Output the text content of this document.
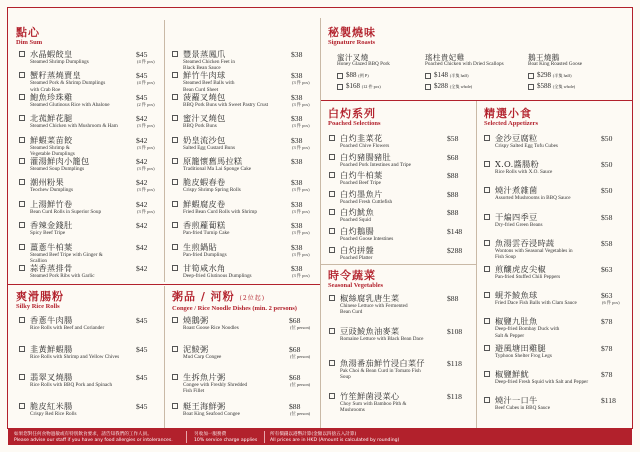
點心
Dim Sum
秘製燒味
Signature Roasts
白灼系列
Poached Selections
時令蔬菜
Seasonal Vegetables
精選小食
Selected Appetizers
爽滑腸粉
Silky Rice Rolls
粥品 / 河粉 (2位起)
Congee / Rice Noodle Dishes (min. 2 persons)
水晶蝦餃皇
Steamed Shrimp Dumplings
$45
(4 件 pcs)
蟹籽蒸燒賣皇
Steamed Pork & Shrimp Dumplings
with Crab Roe
$45
(4 件 pcs)
鮑魚珍珠雞
Steamed Glutinous Rice with Abalone
$45
(2 件 pcs)
北菰鮮花腿
Steamed Chicken with Mushroom & Ham
$42
(3 件 pcs)
鮮蝦菜苗餃
Steamed Shrimp &
Vegetable Dumplings
$42
(3 件 pcs)
灌湯鮮肉小籠包
Steamed Soup Dumplings
$42
(3 件 pcs)
潮州粉果
Teochew Dumplings
$42
(3 件 pcs)
上湯鮮竹卷
Bean Curd Rolls in Superior Soup
$42
(3 件 pcs)
香辣金錢肚
Spicy Beef Tripe
$42
薑蔥牛柏葉
Steamed Beef Tripe with Ginger &
Scallion
$42
蒜香蒸排骨
Steamed Pork Ribs with Garlic
$42
豐景蒸鳳爪
Steamed Chicken Feet in
Black Bean Sauce
$38
鮮竹牛肉球
Steamed Beef Balls with
Bean Curd Sheet
$38
(3 件 pcs)
菠蘿叉燒包
BBQ Pork Buns with Sweet Pastry Crust
$38
(3 件 pcs)
蜜汁叉燒包
BBQ Pork Buns
$38
(3 件 pcs)
奶皇流沙包
Salted Egg Custard Buns
$38
(3 件 pcs)
原籠懷舊馬拉糕
Traditional Ma Lai Sponge Cake
$38
脆皮蝦春卷
Crispy Shrimp Spring Rolls
$38
(3 件 pcs)
鮮蝦腐皮卷
Fried Bean Curd Rolls with Shrimp
$38
(3 件 pcs)
香煎蘿蔔糕
Pan-fried Turnip Cake
$38
(3 件 pcs)
生煎鍋貼
Pan-fried Dumplings
$38
(3 件 pcs)
甘筍咸水角
Deep-fried Glutinous Dumplings
$38
(3 件 pcs)
蜜汁叉燒
Honey Glazed BBQ Pork
$88 (例 P)
$168 (12 件 pcs)
瑤柱貴妃雞
Poached Chicken with Dried Scallops
$148 (半隻 half)
$288 (全隻 whole)
鵝王燒鵝
Boat King Roasted Goose
$298 (半隻 half)
$588 (全隻 whole)
白灼韭菜花
Poached Chive Flowers
$58
白灼豬腸豬肚
Poached Pork Intestines and Tripe
$68
白灼牛柏葉
Poached Beef Tripe
$88
白灼墨魚片
Poached Fresh Cuttlefish
$88
白灼魷魚
Poached Squid
$88
白灼鵝腸
Poached Goose Intestines
$148
白灼拼盤
Poached Platter
$288
椒絲腐乳唐生菜
Chinese Lettuce with Fermented
Bean Curd
$88
豆豉鯪魚油麥菜
Romaine Lettuce with Black Bean Dace
$108
魚湯番茄鮮竹浸白菜仔
Pak Choi & Bean Curd in Tomato Fish
Soup
$118
竹笙鮮菌浸菜心
Choy Sum with Bamboo Pith &
Mushrooms
$118
金沙豆腐粒
Crispy Salted Egg Tofu Cubes
$50
X.O.醬腸粉
Rice Rolls with X.O. Sauce
$50
燒汁煮雜菌
Assorted Mushrooms in BBQ Sauce
$50
干煸四季豆
Dry-fried Green Beans
$58
魚湯雲吞浸時蔬
Wontons with Seasonal Vegetables in
Fish Soup
$58
煎釀虎皮尖椒
Pan-fried Stuffed Chili Peppers
$63
蜆芥鯪魚球
Fried Dace Fish Balls with Clam Sauce
$63
(6 件 pcs)
椒鹽九肚魚
Deep-fried Bombay Duck with
Salt & Pepper
$78
避風塘田雞腿
Typhoon Shelter Frog Legs
$78
椒鹽鮮魷
Deep-fried Fresh Squid with Salt and Pepper
$78
燒汁一口牛
Beef Cubes in BBQ Sauce
$118
香蔥牛肉腸
Rice Rolls with Beef and Coriander
$45
韭黃鮮蝦腸
Rice Rolls with Shrimp and Yellow Chives
$45
翡翠叉燒腸
Rice Rolls with BBQ Pork and Spinach
$45
脆皮紅米腸
Crispy Red Rice Rolls
$45
燒鵝粥
Roast Goose Rice Noodles
$68
(位 person)
泥鯪粥
Mud Carp Congee
$68
(位 person)
生拆魚片粥
Congee with Freshly Shredded
Fish Fillet
$68
(位 person)
艇王海鮮粥
Boat King Seafood Congee
$88
(位 person)
如果您對任何食物過敏或有特別飲食要求，請告知我們的工作人員。
Please advise our staff if you have any food allergies or intolerances.
另收加一服務費
10% service charge applies
所有價錢以港幣計算(金額以四捨五入計算)
All prices are in HKD (Amount is calculated by rounding)
